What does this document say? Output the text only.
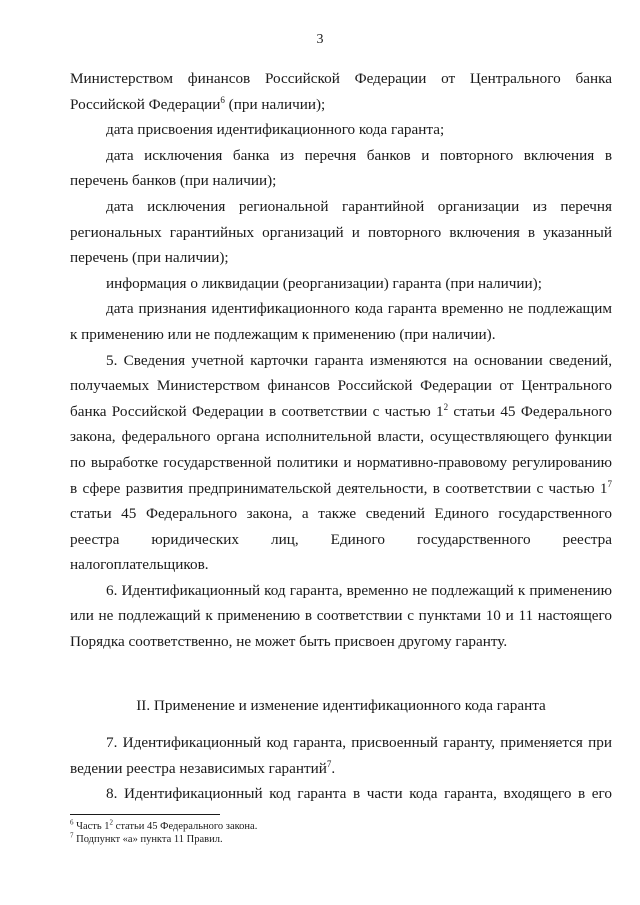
3

Министерством финансов Российской Федерации от Центрального банка Российской Федерации$^6$ (при наличии);

дата присвоения идентификационного кода гаранта;

дата исключения банка из перечня банков и повторного включения в перечень банков (при наличии);

дата исключения региональной гарантийной организации из перечня региональных гарантийных организаций и повторного включения в указанный перечень (при наличии);

информация о ликвидации (реорганизации) гаранта (при наличии);

дата признания идентификационного кода гаранта временно не подлежащим к применению или не подлежащим к применению (при наличии).

5. Сведения учетной карточки гаранта изменяются на основании сведений, получаемых Министерством финансов Российской Федерации от Центрального банка Российской Федерации в соответствии с частью $1^2$ статьи 45 Федерального закона, федерального органа исполнительной власти, осуществляющего функции по выработке государственной политики и нормативно-правовому регулированию в сфере развития предпринимательской деятельности, в соответствии с частью $1^7$ статьи 45 Федерального закона, а также сведений Единого государственного реестра юридических лиц, Единого государственного реестра налогоплательщиков.

6. Идентификационный код гаранта, временно не подлежащий к применению или не подлежащий к применению в соответствии с пунктами 10 и 11 настоящего Порядка соответственно, не может быть присвоен другому гаранту.

II. Применение и изменение идентификационного кода гаранта

7. Идентификационный код гаранта, присвоенный гаранту, применяется при ведении реестра независимых гарантий$^7$.

8. Идентификационный код гаранта в части кода гаранта, входящего в его

$^6$ Часть $1^2$ статьи 45 Федерального закона.
$^7$ Подпункт «а» пункта 11 Правил.
